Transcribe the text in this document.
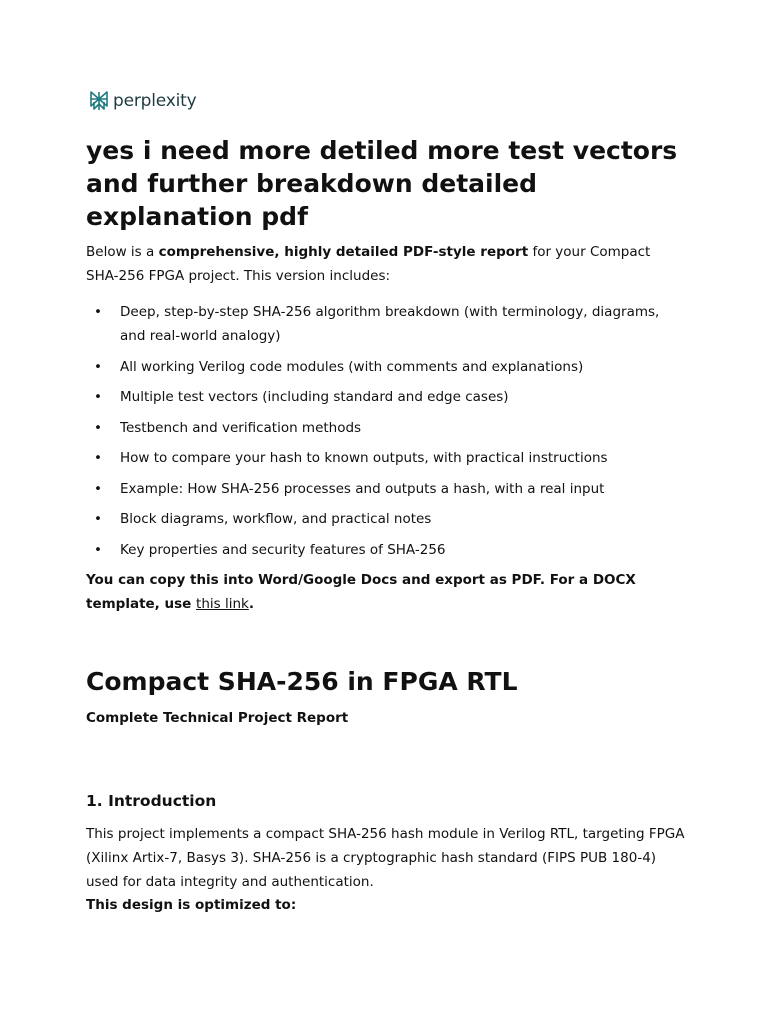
perplexity
yes i need more detiled more test vectors and further breakdown detailed explanation pdf

Below is a comprehensive, highly detailed PDF-style report for your Compact SHA-256 FPGA project. This version includes:

• Deep, step-by-step SHA-256 algorithm breakdown (with terminology, diagrams, and real-world analogy)
• All working Verilog code modules (with comments and explanations)
• Multiple test vectors (including standard and edge cases)
• Testbench and verification methods
• How to compare your hash to known outputs, with practical instructions
• Example: How SHA-256 processes and outputs a hash, with a real input
• Block diagrams, workflow, and practical notes
• Key properties and security features of SHA-256

You can copy this into Word/Google Docs and export as PDF. For a DOCX template, use this link.

Compact SHA-256 in FPGA RTL

Complete Technical Project Report

1. Introduction

This project implements a compact SHA-256 hash module in Verilog RTL, targeting FPGA (Xilinx Artix-7, Basys 3). SHA-256 is a cryptographic hash standard (FIPS PUB 180-4) used for data integrity and authentication.
This design is optimized to:
